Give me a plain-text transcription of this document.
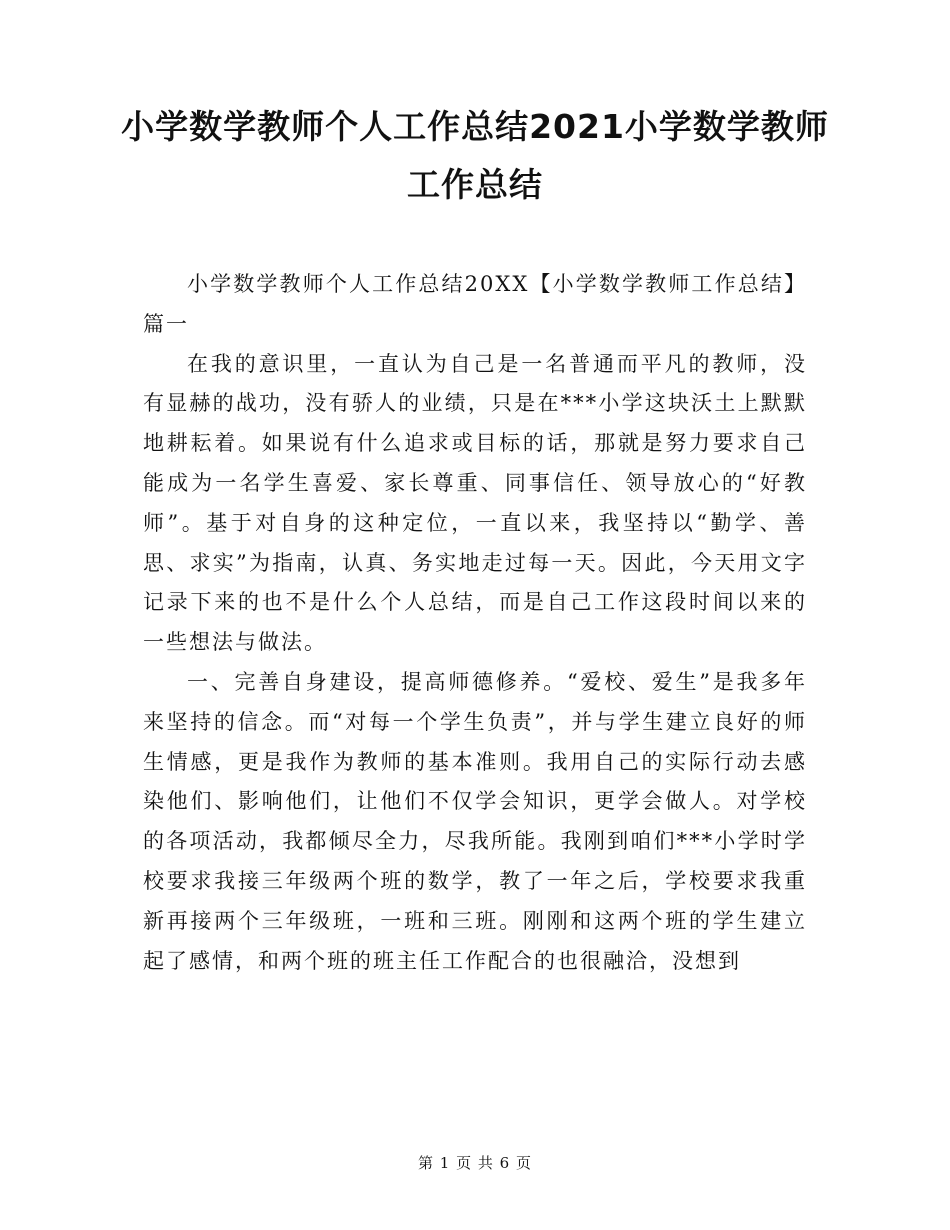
小学数学教师个人工作总结2021小学数学教师工作总结

小学数学教师个人工作总结20XX【小学数学教师工作总结】篇一

在我的意识里，一直认为自己是一名普通而平凡的教师，没有显赫的战功，没有骄人的业绩，只是在***小学这块沃土上默默地耕耘着。如果说有什么追求或目标的话，那就是努力要求自己能成为一名学生喜爱、家长尊重、同事信任、领导放心的“好教师”。基于对自身的这种定位，一直以来，我坚持以“勤学、善思、求实”为指南，认真、务实地走过每一天。因此，今天用文字记录下来的也不是什么个人总结，而是自己工作这段时间以来的一些想法与做法。

一、完善自身建设，提高师德修养。“爱校、爱生”是我多年来坚持的信念。而“对每一个学生负责”，并与学生建立良好的师生情感，更是我作为教师的基本准则。我用自己的实际行动去感染他们、影响他们，让他们不仅学会知识，更学会做人。对学校的各项活动，我都倾尽全力，尽我所能。我刚到咱们***小学时学校要求我接三年级两个班的数学，教了一年之后，学校要求我重新再接两个三年级班，一班和三班。刚刚和这两个班的学生建立起了感情，和两个班的班主任工作配合的也很融洽，没想到

第 1 页 共 6 页
